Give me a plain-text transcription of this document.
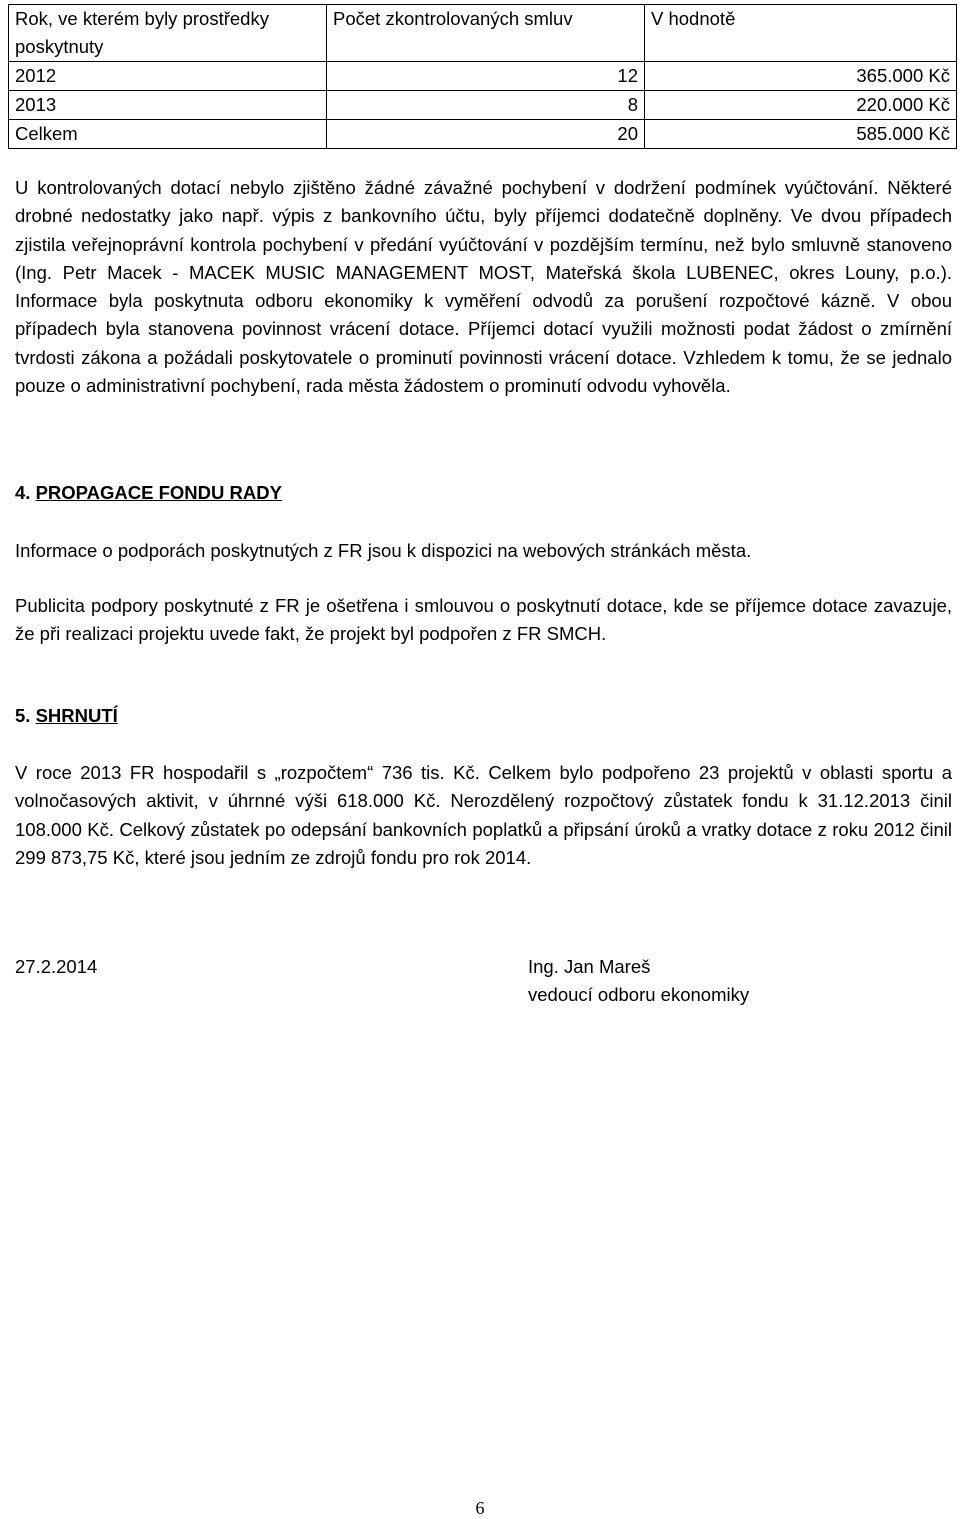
Rok, ve kterém byly prostředky poskytnuty	Počet zkontrolovaných smluv	V hodnotě
2012	12	365.000 Kč
2013	8	220.000 Kč
Celkem	20	585.000 Kč

U kontrolovaných dotací nebylo zjištěno žádné závažné pochybení v dodržení podmínek vyúčtování. Některé drobné nedostatky jako např. výpis z bankovního účtu, byly příjemci dodatečně doplněny. Ve dvou případech zjistila veřejnoprávní kontrola pochybení v předání vyúčtování v pozdějším termínu, než bylo smluvně stanoveno (Ing. Petr Macek - MACEK MUSIC MANAGEMENT MOST, Mateřská škola LUBENEC, okres Louny, p.o.). Informace byla poskytnuta odboru ekonomiky k vyměření odvodů za porušení rozpočtové kázně. V obou případech byla stanovena povinnost vrácení dotace. Příjemci dotací využili možnosti podat žádost o zmírnění tvrdosti zákona a požádali poskytovatele o prominutí povinnosti vrácení dotace. Vzhledem k tomu, že se jednalo pouze o administrativní pochybení, rada města žádostem o prominutí odvodu vyhověla.

4. PROPAGACE FONDU RADY

Informace o podporách poskytnutých z FR jsou k dispozici na webových stránkách města.

Publicita podpory poskytnuté z FR je ošetřena i smlouvou o poskytnutí dotace, kde se příjemce dotace zavazuje, že při realizaci projektu uvede fakt, že projekt byl podpořen z FR SMCH.

5. SHRNUTÍ

V roce 2013 FR hospodařil s „rozpočtem“ 736 tis. Kč. Celkem bylo podpořeno 23 projektů v oblasti sportu a volnočasových aktivit, v úhrnné výši 618.000 Kč. Nerozdělený rozpočtový zůstatek fondu k 31.12.2013 činil 108.000 Kč. Celkový zůstatek po odepsání bankovních poplatků a připsání úroků a vratky dotace z roku 2012 činil 299 873,75 Kč, které jsou jedním ze zdrojů fondu pro rok 2014.

27.2.2014	Ing. Jan Mareš
vedoucí odboru ekonomiky
6
